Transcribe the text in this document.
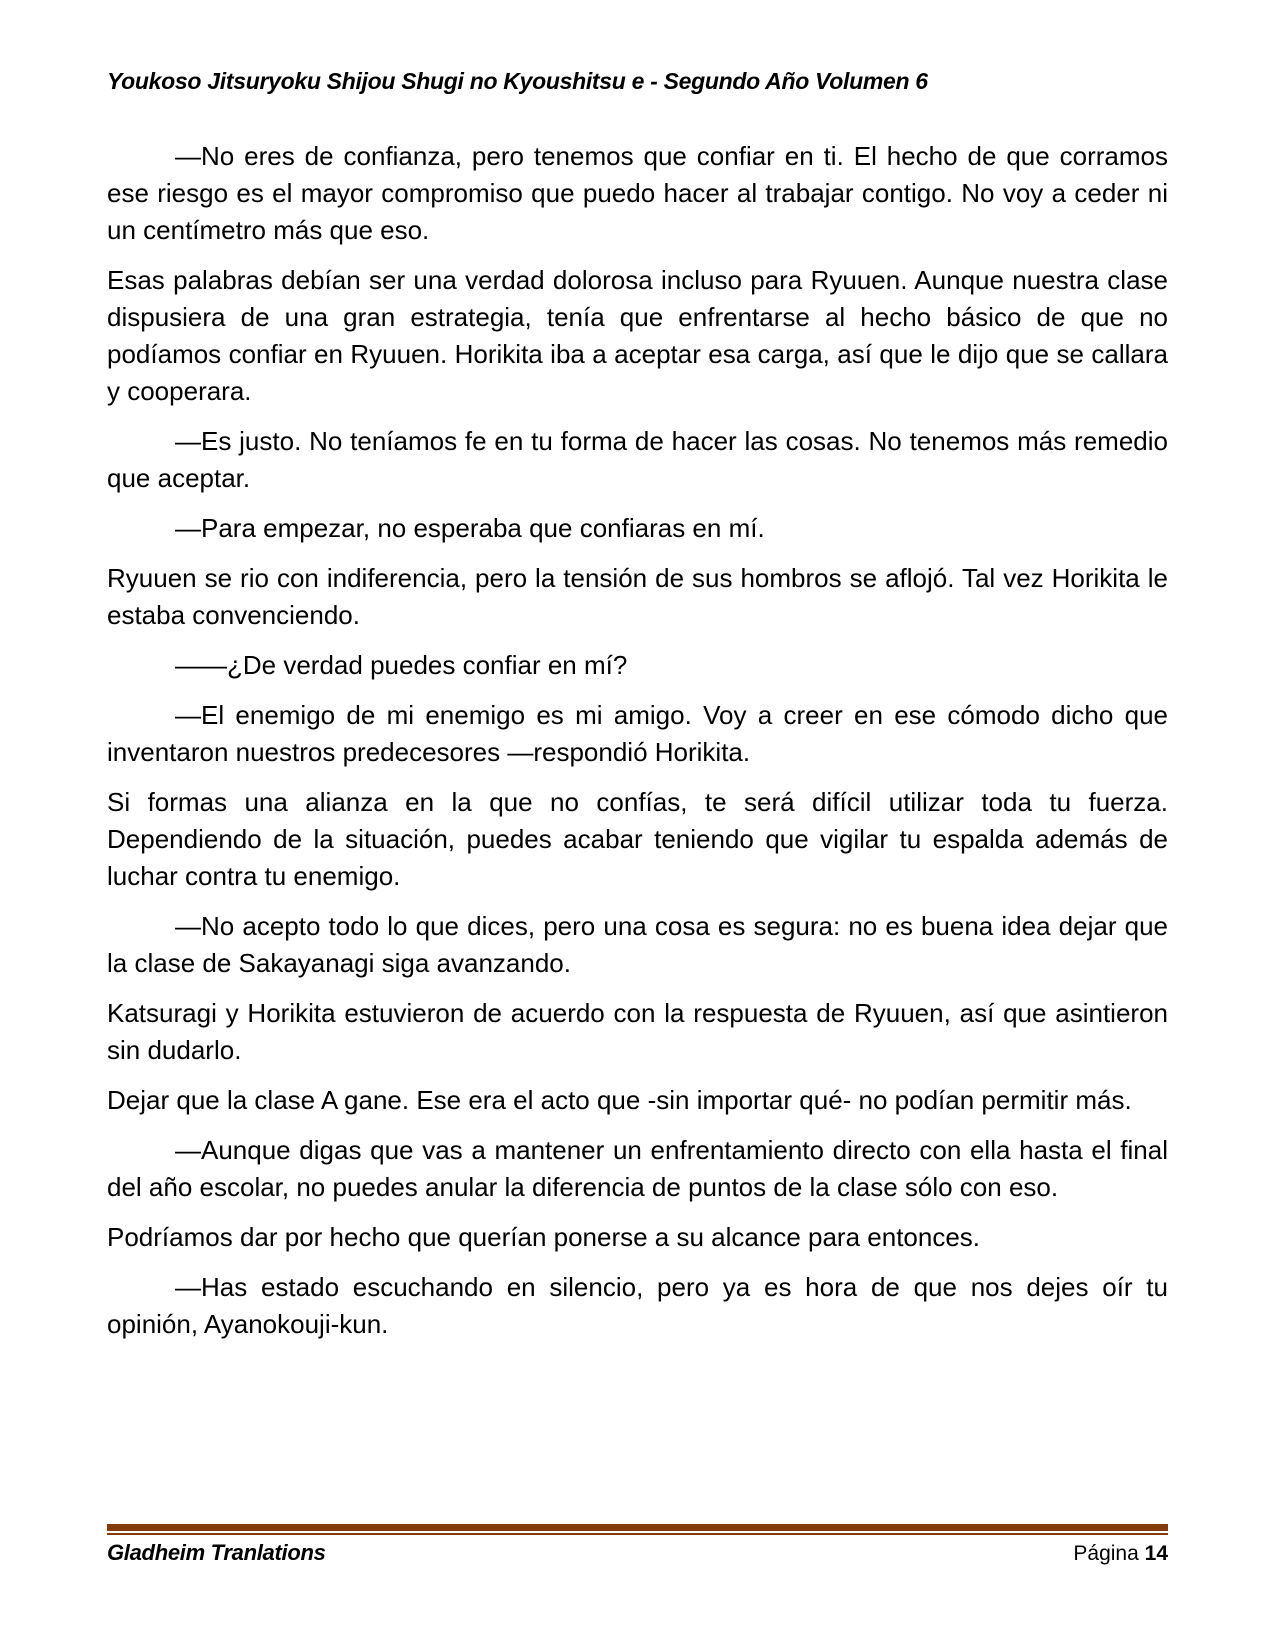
Youkoso Jitsuryoku Shijou Shugi no Kyoushitsu e - Segundo Año Volumen 6

—No eres de confianza, pero tenemos que confiar en ti. El hecho de que corramos ese riesgo es el mayor compromiso que puedo hacer al trabajar contigo. No voy a ceder ni un centímetro más que eso.

Esas palabras debían ser una verdad dolorosa incluso para Ryuuen. Aunque nuestra clase dispusiera de una gran estrategia, tenía que enfrentarse al hecho básico de que no podíamos confiar en Ryuuen. Horikita iba a aceptar esa carga, así que le dijo que se callara y cooperara.

—Es justo. No teníamos fe en tu forma de hacer las cosas. No tenemos más remedio que aceptar.

—Para empezar, no esperaba que confiaras en mí.

Ryuuen se rio con indiferencia, pero la tensión de sus hombros se aflojó. Tal vez Horikita le estaba convenciendo.

——¿De verdad puedes confiar en mí?

—El enemigo de mi enemigo es mi amigo. Voy a creer en ese cómodo dicho que inventaron nuestros predecesores —respondió Horikita.

Si formas una alianza en la que no confías, te será difícil utilizar toda tu fuerza. Dependiendo de la situación, puedes acabar teniendo que vigilar tu espalda además de luchar contra tu enemigo.

—No acepto todo lo que dices, pero una cosa es segura: no es buena idea dejar que la clase de Sakayanagi siga avanzando.

Katsuragi y Horikita estuvieron de acuerdo con la respuesta de Ryuuen, así que asintieron sin dudarlo.

Dejar que la clase A gane. Ese era el acto que -sin importar qué- no podían permitir más.

—Aunque digas que vas a mantener un enfrentamiento directo con ella hasta el final del año escolar, no puedes anular la diferencia de puntos de la clase sólo con eso.

Podríamos dar por hecho que querían ponerse a su alcance para entonces.

—Has estado escuchando en silencio, pero ya es hora de que nos dejes oír tu opinión, Ayanokouji-kun.

Gladheim Tranlations	Página 14
